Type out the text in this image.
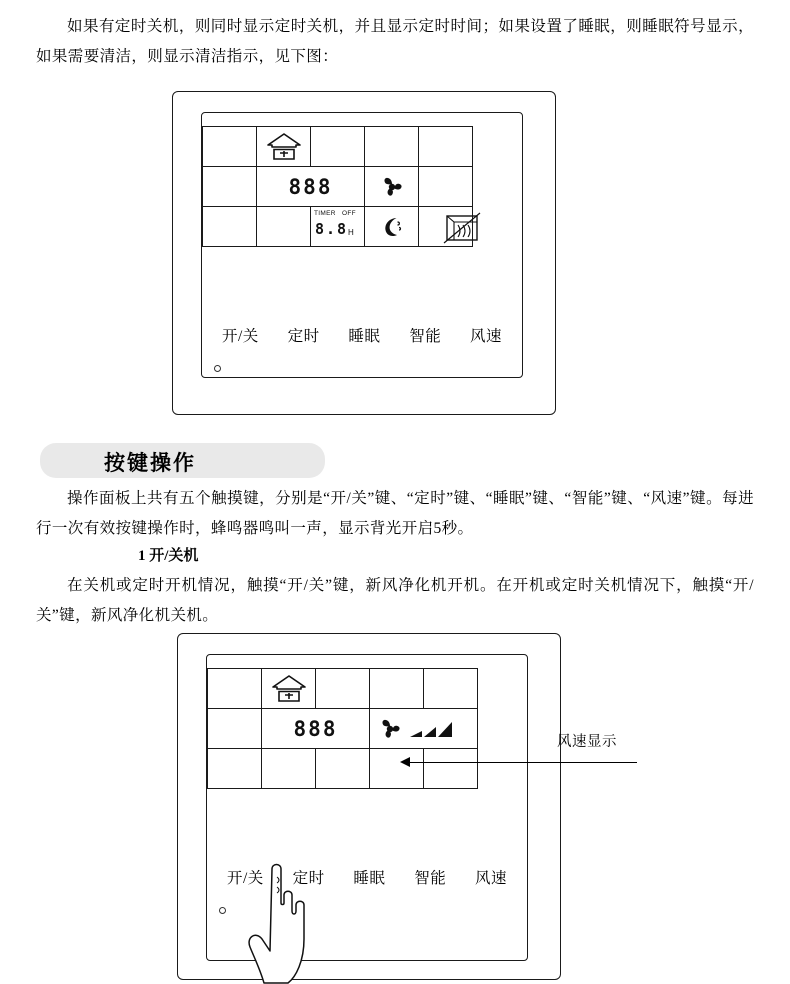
如果有定时关机，则同时显示定时关机，并且显示定时时间；如果设置了睡眠，则睡眠符号显示，如果需要清洁，则显示清洁指示，见下图：

888
TIMER OFF
8.8 H
开/关 定时 睡眠 智能 风速
按键操作

操作面板上共有五个触摸键，分别是“开/关”键、“定时”键、“睡眠”键、“智能”键、“风速”键。每进行一次有效按键操作时，蜂鸣器鸣叫一声，显示背光开启5秒。

1 开/关机

在关机或定时开机情况，触摸“开/关”键，新风净化机开机。在开机或定时关机情况下，触摸“开/关”键，新风净化机关机。

888
开/关 定时 睡眠 智能 风速
风速显示
